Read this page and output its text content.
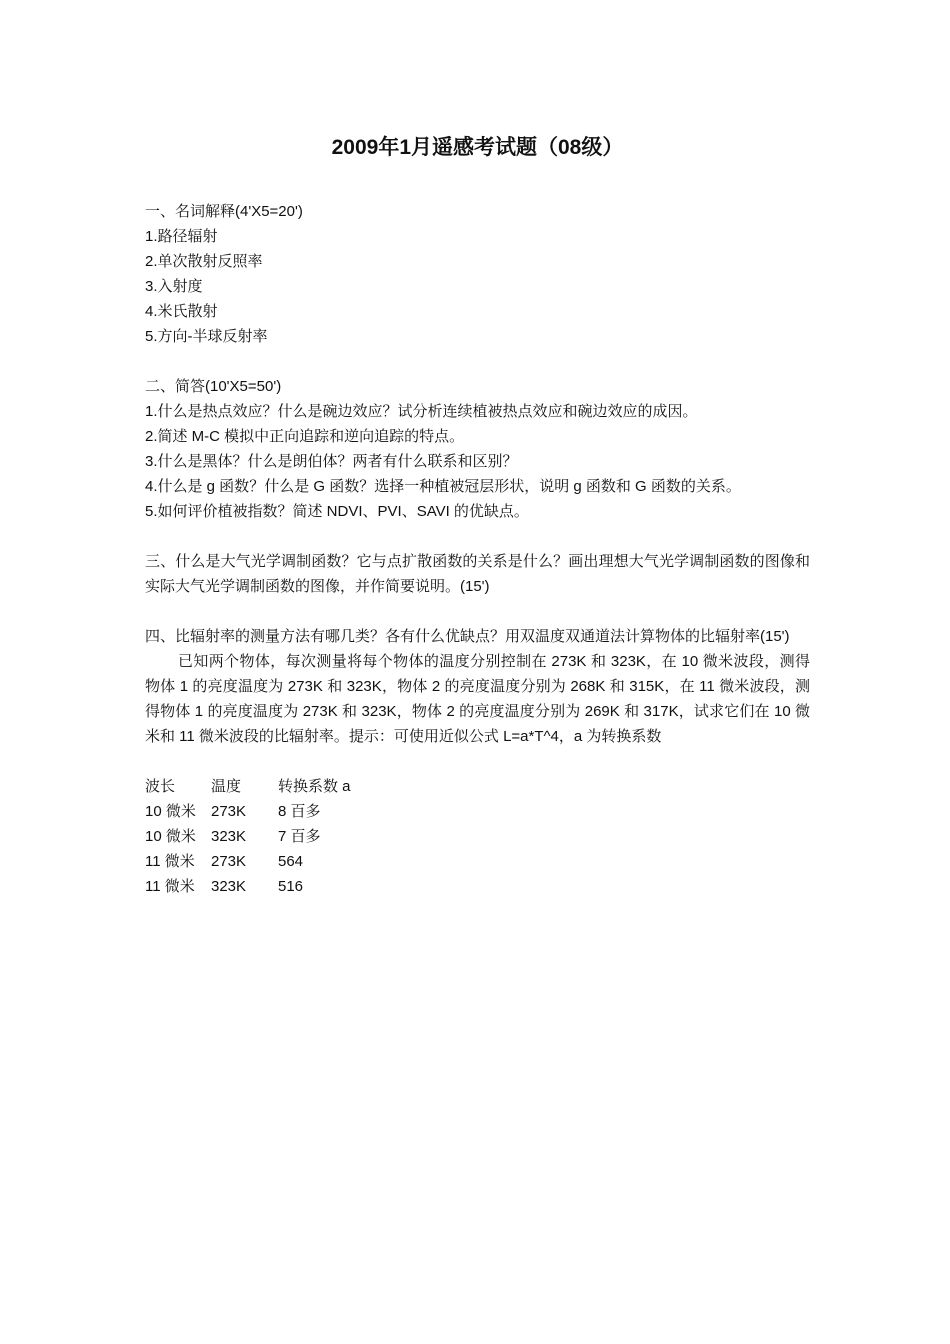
2009年1月遥感考试题（08级）
一、名词解释(4'X5=20')
1.路径辐射
2.单次散射反照率
3.入射度
4.米氏散射
5.方向-半球反射率
二、简答(10'X5=50')
1.什么是热点效应？什么是碗边效应？试分析连续植被热点效应和碗边效应的成因。
2.简述 M-C 模拟中正向追踪和逆向追踪的特点。
3.什么是黑体？什么是朗伯体？两者有什么联系和区别？
4.什么是 g 函数？什么是 G 函数？选择一种植被冠层形状，说明 g 函数和 G 函数的关系。
5.如何评价植被指数？简述 NDVI、PVI、SAVI 的优缺点。
三、什么是大气光学调制函数？它与点扩散函数的关系是什么？画出理想大气光学调制函数的图像和实际大气光学调制函数的图像，并作简要说明。(15')
四、比辐射率的测量方法有哪几类？各有什么优缺点？用双温度双通道法计算物体的比辐射率(15')
已知两个物体，每次测量将每个物体的温度分别控制在 273K 和 323K，在 10 微米波段，测得物体 1 的亮度温度为 273K 和 323K，物体 2 的亮度温度分别为 268K 和 315K，在 11 微米波段，测得物体 1 的亮度温度为 273K 和 323K，物体 2 的亮度温度分别为 269K 和 317K，试求它们在 10 微米和 11 微米波段的比辐射率。提示：可使用近似公式 L=a*T^4，a 为转换系数
波长	温度	转换系数 a
10 微米	273K	8 百多
10 微米	323K	7 百多
11 微米	273K	564
11 微米	323K	516
